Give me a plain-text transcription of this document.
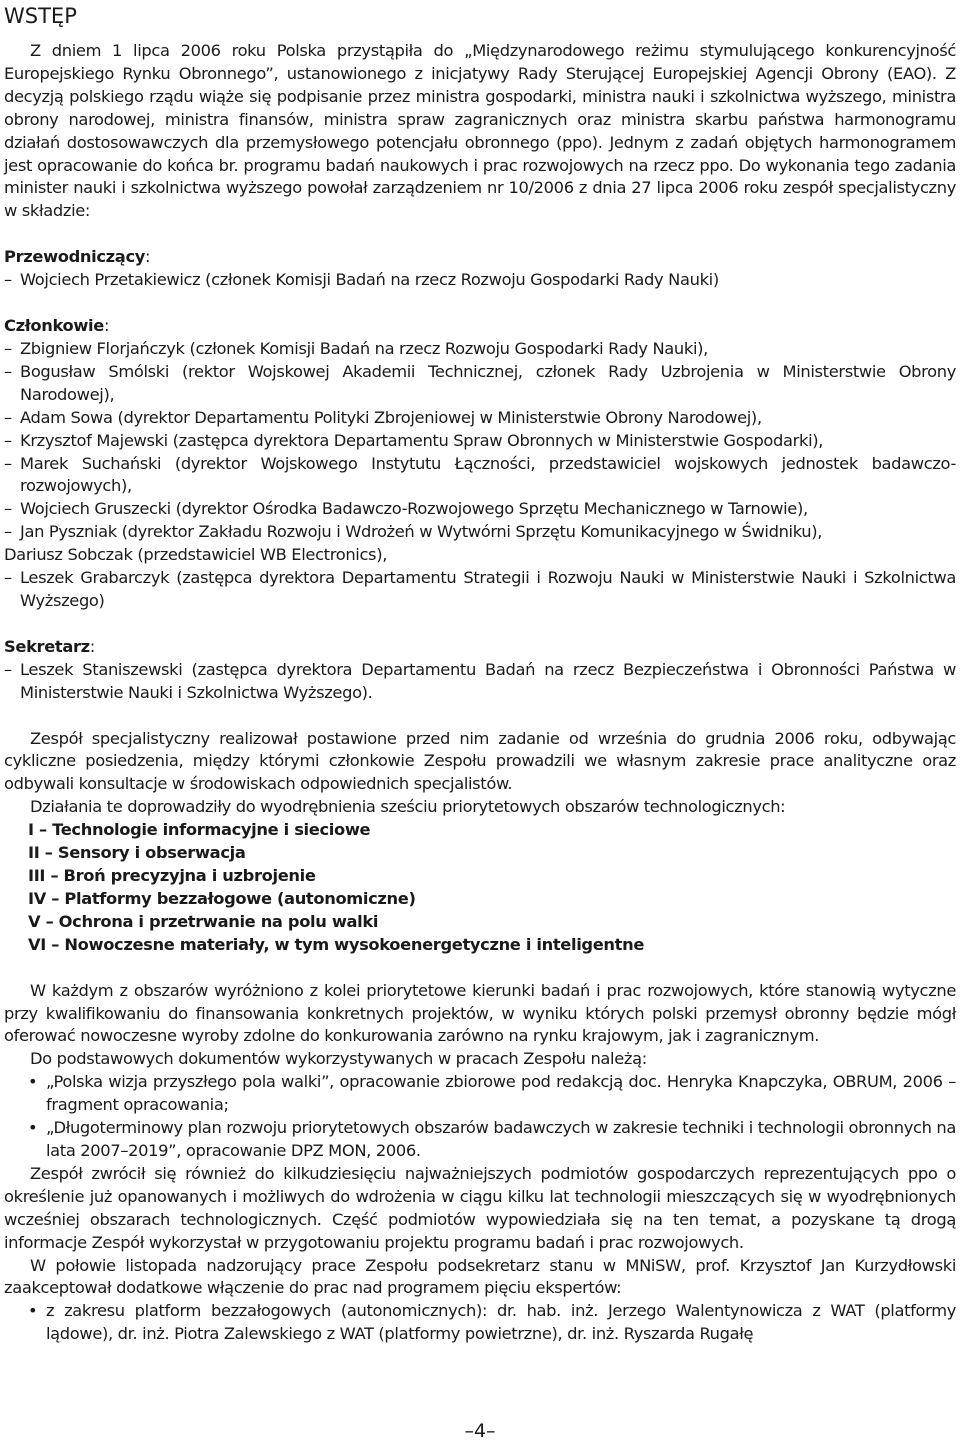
WSTĘP

Z dniem 1 lipca 2006 roku Polska przystąpiła do „Międzynarodowego reżimu stymulującego konkurencyjność Europejskiego Rynku Obronnego”, ustanowionego z inicjatywy Rady Sterującej Europejskiej Agencji Obrony (EAO). Z decyzją polskiego rządu wiąże się podpisanie przez ministra gospodarki, ministra nauki i szkolnictwa wyższego, ministra obrony narodowej, ministra finansów, ministra spraw zagranicznych oraz ministra skarbu państwa harmonogramu działań dostosowawczych dla przemysłowego potencjału obronnego (ppo). Jednym z zadań objętych harmonogramem jest opracowanie do końca br. programu badań naukowych i prac rozwojowych na rzecz ppo. Do wykonania tego zadania minister nauki i szkolnictwa wyższego powołał zarządzeniem nr 10/2006 z dnia 27 lipca 2006 roku zespół specjalistyczny w składzie:

Przewodniczący:
– Wojciech Przetakiewicz (członek Komisji Badań na rzecz Rozwoju Gospodarki Rady Nauki)
Członkowie:
– Zbigniew Florjańczyk (członek Komisji Badań na rzecz Rozwoju Gospodarki Rady Nauki),
– Bogusław Smólski (rektor Wojskowej Akademii Technicznej, członek Rady Uzbrojenia w Ministerstwie Obrony Narodowej),
– Adam Sowa (dyrektor Departamentu Polityki Zbrojeniowej w Ministerstwie Obrony Narodowej),
– Krzysztof Majewski (zastępca dyrektora Departamentu Spraw Obronnych w Ministerstwie Gospodarki),
– Marek Suchański (dyrektor Wojskowego Instytutu Łączności, przedstawiciel wojskowych jednostek badawczo-rozwojowych),
– Wojciech Gruszecki (dyrektor Ośrodka Badawczo-Rozwojowego Sprzętu Mechanicznego w Tarnowie),
– Jan Pyszniak (dyrektor Zakładu Rozwoju i Wdrożeń w Wytwórni Sprzętu Komunikacyjnego w Świdniku),
Dariusz Sobczak (przedstawiciel WB Electronics),
– Leszek Grabarczyk (zastępca dyrektora Departamentu Strategii i Rozwoju Nauki w Ministerstwie Nauki i Szkolnictwa Wyższego)
Sekretarz:
– Leszek Staniszewski (zastępca dyrektora Departamentu Badań na rzecz Bezpieczeństwa i Obronności Państwa w Ministerstwie Nauki i Szkolnictwa Wyższego).

Zespół specjalistyczny realizował postawione przed nim zadanie od września do grudnia 2006 roku, odbywając cykliczne posiedzenia, między którymi członkowie Zespołu prowadzili we własnym zakresie prace analityczne oraz odbywali konsultacje w środowiskach odpowiednich specjalistów.

Działania te doprowadziły do wyodrębnienia sześciu priorytetowych obszarów technologicznych:

I – Technologie informacyjne i sieciowe
II – Sensory i obserwacja
III – Broń precyzyjna i uzbrojenie
IV – Platformy bezzałogowe (autonomiczne)
V – Ochrona i przetrwanie na polu walki
VI – Nowoczesne materiały, w tym wysokoenergetyczne i inteligentne

W każdym z obszarów wyróżniono z kolei priorytetowe kierunki badań i prac rozwojowych, które stanowią wytyczne przy kwalifikowaniu do finansowania konkretnych projektów, w wyniku których polski przemysł obronny będzie mógł oferować nowoczesne wyroby zdolne do konkurowania zarówno na rynku krajowym, jak i zagranicznym.

Do podstawowych dokumentów wykorzystywanych w pracach Zespołu należą:

• „Polska wizja przyszłego pola walki”, opracowanie zbiorowe pod redakcją doc. Henryka Knapczyka, OBRUM, 2006 – fragment opracowania;
• „Długoterminowy plan rozwoju priorytetowych obszarów badawczych w zakresie techniki i technologii obronnych na lata 2007–2019”, opracowanie DPZ MON, 2006.

Zespół zwrócił się również do kilkudziesięciu najważniejszych podmiotów gospodarczych reprezentujących ppo o określenie już opanowanych i możliwych do wdrożenia w ciągu kilku lat technologii mieszczących się w wyodrębnionych wcześniej obszarach technologicznych. Część podmiotów wypowiedziała się na ten temat, a pozyskane tą drogą informacje Zespół wykorzystał w przygotowaniu projektu programu badań i prac rozwojowych.

W połowie listopada nadzorujący prace Zespołu podsekretarz stanu w MNiSW, prof. Krzysztof Jan Kurzydłowski zaakceptował dodatkowe włączenie do prac nad programem pięciu ekspertów:

• z zakresu platform bezzałogowych (autonomicznych): dr. hab. inż. Jerzego Walentynowicza z WAT (platformy lądowe), dr. inż. Piotra Zalewskiego z WAT (platformy powietrzne), dr. inż. Ryszarda Rugałę
–4–
